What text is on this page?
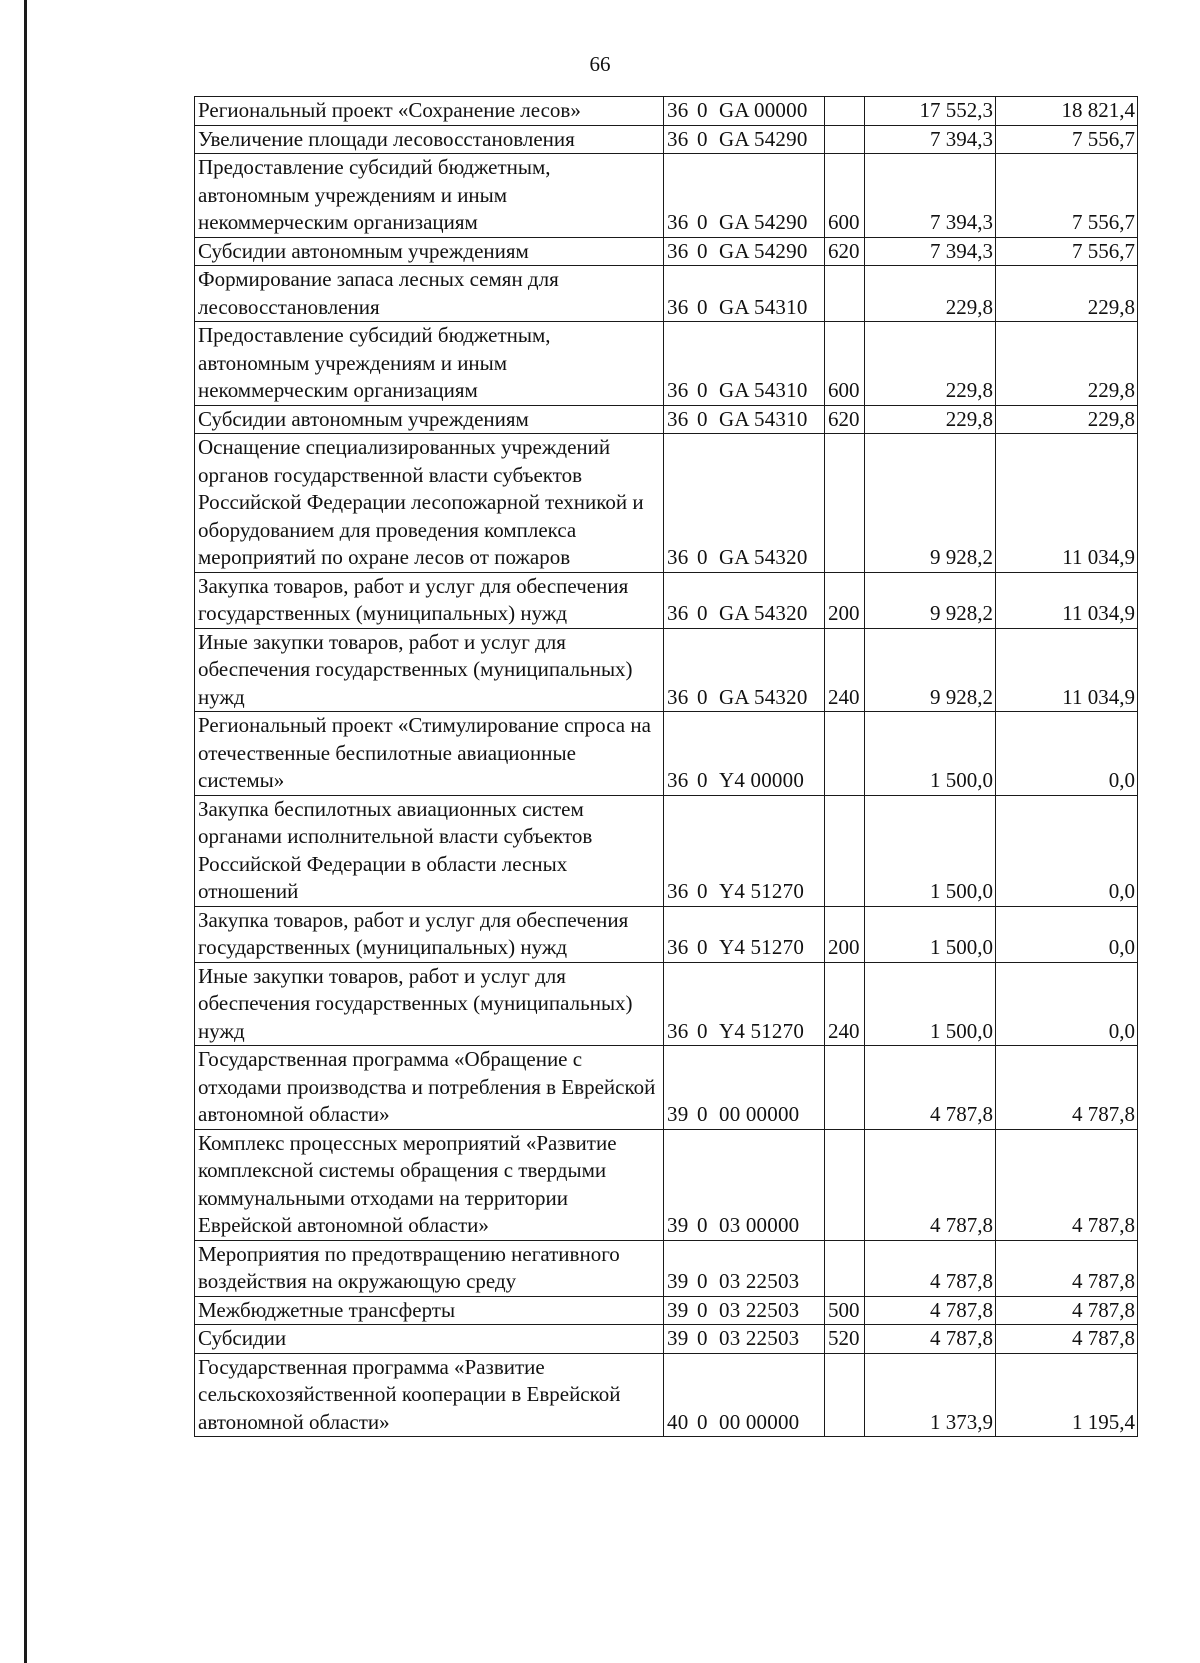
66
Региональный проект «Сохранение лесов»	36 0 GA 00000		17 552,3	18 821,4
Увеличение площади лесовосстановления	36 0 GA 54290		7 394,3	7 556,7
Предоставление субсидий бюджетным, автономным учреждениям и иным некоммерческим организациям	36 0 GA 54290	600	7 394,3	7 556,7
Субсидии автономным учреждениям	36 0 GA 54290	620	7 394,3	7 556,7
Формирование запаса лесных семян для лесовосстановления	36 0 GA 54310		229,8	229,8
Предоставление субсидий бюджетным, автономным учреждениям и иным некоммерческим организациям	36 0 GA 54310	600	229,8	229,8
Субсидии автономным учреждениям	36 0 GA 54310	620	229,8	229,8
Оснащение специализированных учреждений органов государственной власти субъектов Российской Федерации лесопожарной техникой и оборудованием для проведения комплекса мероприятий по охране лесов от пожаров	36 0 GA 54320		9 928,2	11 034,9
Закупка товаров, работ и услуг для обеспечения государственных (муниципальных) нужд	36 0 GA 54320	200	9 928,2	11 034,9
Иные закупки товаров, работ и услуг для обеспечения государственных (муниципальных) нужд	36 0 GA 54320	240	9 928,2	11 034,9
Региональный проект «Стимулирование спроса на отечественные беспилотные авиационные системы»	36 0 Y4 00000		1 500,0	0,0
Закупка беспилотных авиационных систем органами исполнительной власти субъектов Российской Федерации в области лесных отношений	36 0 Y4 51270		1 500,0	0,0
Закупка товаров, работ и услуг для обеспечения государственных (муниципальных) нужд	36 0 Y4 51270	200	1 500,0	0,0
Иные закупки товаров, работ и услуг для обеспечения государственных (муниципальных) нужд	36 0 Y4 51270	240	1 500,0	0,0
Государственная программа «Обращение с отходами производства и потребления в Еврейской автономной области»	39 0 00 00000		4 787,8	4 787,8
Комплекс процессных мероприятий «Развитие комплексной системы обращения с твердыми коммунальными отходами на территории Еврейской автономной области»	39 0 03 00000		4 787,8	4 787,8
Мероприятия по предотвращению негативного воздействия на окружающую среду	39 0 03 22503		4 787,8	4 787,8
Межбюджетные трансферты	39 0 03 22503	500	4 787,8	4 787,8
Субсидии	39 0 03 22503	520	4 787,8	4 787,8
Государственная программа «Развитие сельскохозяйственной кооперации в Еврейской автономной области»	40 0 00 00000		1 373,9	1 195,4
